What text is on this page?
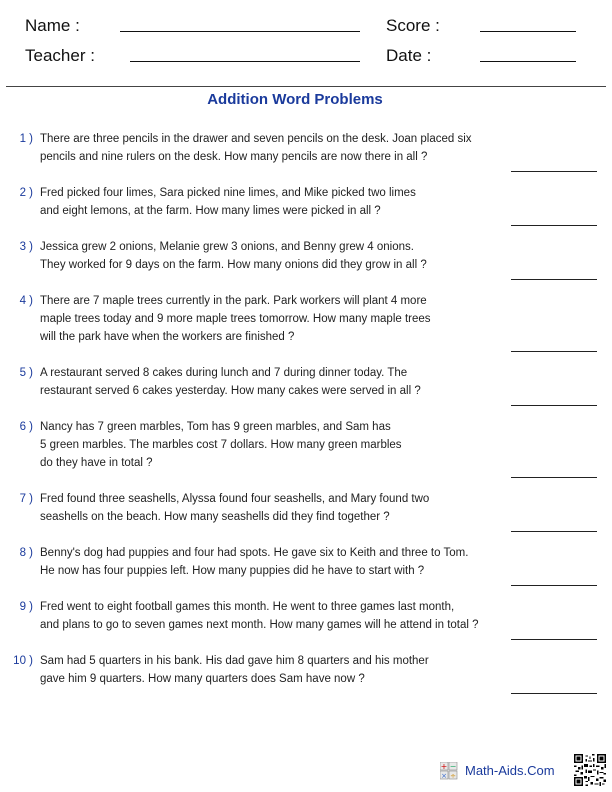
Name :	Score :
Teacher :	Date :
Addition Word Problems
1 ) There are three pencils in the drawer and seven pencils on the desk. Joan placed six
pencils and nine rulers on the desk. How many pencils are now there in all ?
2 ) Fred picked four limes, Sara picked nine limes, and Mike picked two limes
and eight lemons, at the farm. How many limes were picked in all ?
3 ) Jessica grew 2 onions, Melanie grew 3 onions, and Benny grew 4 onions.
They worked for 9 days on the farm. How many onions did they grow in all ?
4 ) There are 7 maple trees currently in the park. Park workers will plant 4 more
maple trees today and 9 more maple trees tomorrow. How many maple trees
will the park have when the workers are finished ?
5 ) A restaurant served 8 cakes during lunch and 7 during dinner today. The
restaurant served 6 cakes yesterday. How many cakes were served in all ?
6 ) Nancy has 7 green marbles, Tom has 9 green marbles, and Sam has
5 green marbles. The marbles cost 7 dollars. How many green marbles
do they have in total ?
7 ) Fred found three seashells, Alyssa found four seashells, and Mary found two
seashells on the beach. How many seashells did they find together ?
8 ) Benny's dog had puppies and four had spots. He gave six to Keith and three to Tom.
He now has four puppies left. How many puppies did he have to start with ?
9 ) Fred went to eight football games this month. He went to three games last month,
and plans to go to seven games next month. How many games will he attend in total ?
10 ) Sam had 5 quarters in his bank. His dad gave him 8 quarters and his mother
gave him 9 quarters. How many quarters does Sam have now ?
+ −
× ÷ Math-Aids.Com
